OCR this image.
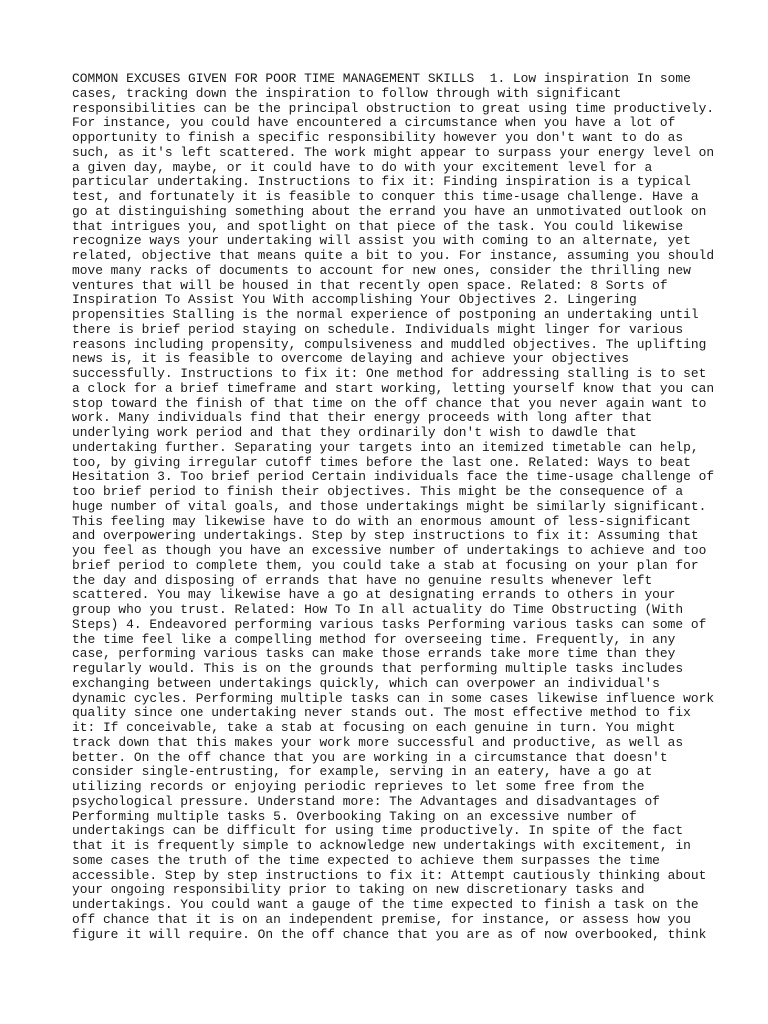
COMMON EXCUSES GIVEN FOR POOR TIME MANAGEMENT SKILLS  1. Low inspiration In some
cases, tracking down the inspiration to follow through with significant
responsibilities can be the principal obstruction to great using time productively.
For instance, you could have encountered a circumstance when you have a lot of
opportunity to finish a specific responsibility however you don't want to do as
such, as it's left scattered. The work might appear to surpass your energy level on
a given day, maybe, or it could have to do with your excitement level for a
particular undertaking. Instructions to fix it: Finding inspiration is a typical
test, and fortunately it is feasible to conquer this time-usage challenge. Have a
go at distinguishing something about the errand you have an unmotivated outlook on
that intrigues you, and spotlight on that piece of the task. You could likewise
recognize ways your undertaking will assist you with coming to an alternate, yet
related, objective that means quite a bit to you. For instance, assuming you should
move many racks of documents to account for new ones, consider the thrilling new
ventures that will be housed in that recently open space. Related: 8 Sorts of
Inspiration To Assist You With accomplishing Your Objectives 2. Lingering
propensities Stalling is the normal experience of postponing an undertaking until
there is brief period staying on schedule. Individuals might linger for various
reasons including propensity, compulsiveness and muddled objectives. The uplifting
news is, it is feasible to overcome delaying and achieve your objectives
successfully. Instructions to fix it: One method for addressing stalling is to set
a clock for a brief timeframe and start working, letting yourself know that you can
stop toward the finish of that time on the off chance that you never again want to
work. Many individuals find that their energy proceeds with long after that
underlying work period and that they ordinarily don't wish to dawdle that
undertaking further. Separating your targets into an itemized timetable can help,
too, by giving irregular cutoff times before the last one. Related: Ways to beat
Hesitation 3. Too brief period Certain individuals face the time-usage challenge of
too brief period to finish their objectives. This might be the consequence of a
huge number of vital goals, and those undertakings might be similarly significant.
This feeling may likewise have to do with an enormous amount of less-significant
and overpowering undertakings. Step by step instructions to fix it: Assuming that
you feel as though you have an excessive number of undertakings to achieve and too
brief period to complete them, you could take a stab at focusing on your plan for
the day and disposing of errands that have no genuine results whenever left
scattered. You may likewise have a go at designating errands to others in your
group who you trust. Related: How To In all actuality do Time Obstructing (With
Steps) 4. Endeavored performing various tasks Performing various tasks can some of
the time feel like a compelling method for overseeing time. Frequently, in any
case, performing various tasks can make those errands take more time than they
regularly would. This is on the grounds that performing multiple tasks includes
exchanging between undertakings quickly, which can overpower an individual's
dynamic cycles. Performing multiple tasks can in some cases likewise influence work
quality since one undertaking never stands out. The most effective method to fix
it: If conceivable, take a stab at focusing on each genuine in turn. You might
track down that this makes your work more successful and productive, as well as
better. On the off chance that you are working in a circumstance that doesn't
consider single-entrusting, for example, serving in an eatery, have a go at
utilizing records or enjoying periodic reprieves to let some free from the
psychological pressure. Understand more: The Advantages and disadvantages of
Performing multiple tasks 5. Overbooking Taking on an excessive number of
undertakings can be difficult for using time productively. In spite of the fact
that it is frequently simple to acknowledge new undertakings with excitement, in
some cases the truth of the time expected to achieve them surpasses the time
accessible. Step by step instructions to fix it: Attempt cautiously thinking about
your ongoing responsibility prior to taking on new discretionary tasks and
undertakings. You could want a gauge of the time expected to finish a task on the
off chance that it is on an independent premise, for instance, or assess how you
figure it will require. On the off chance that you are as of now overbooked, think
